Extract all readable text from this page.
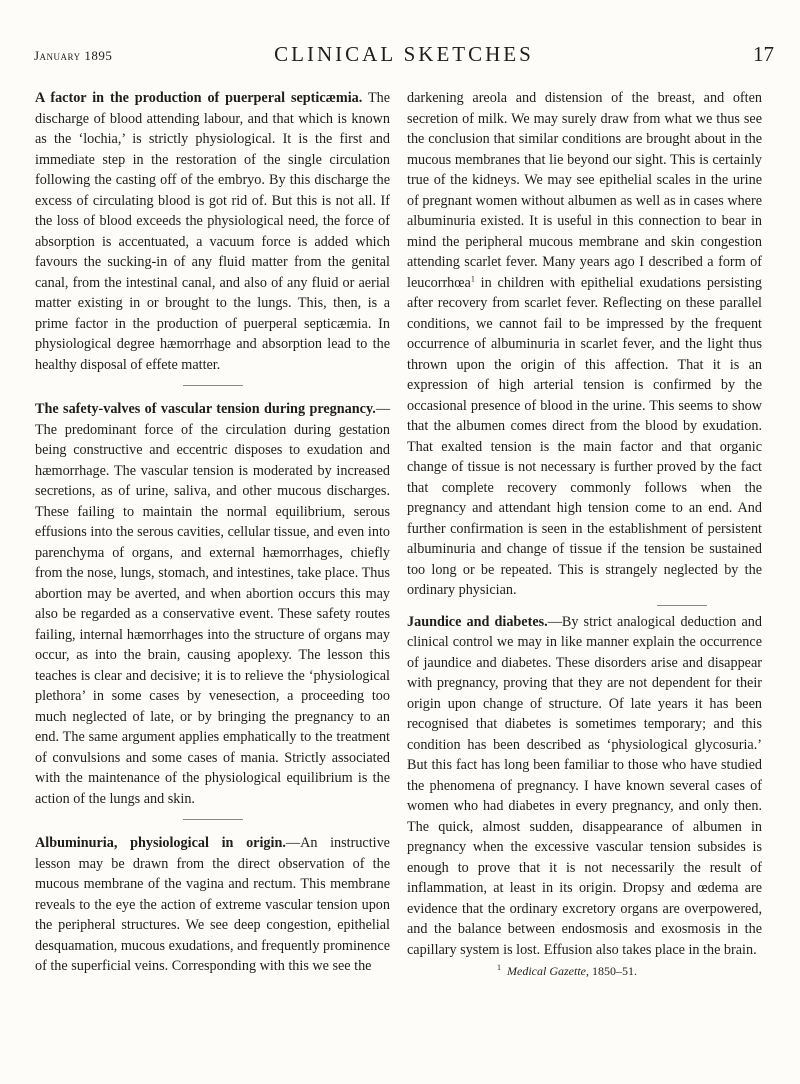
January 1895	CLINICAL SKETCHES	17

A factor in the production of puerperal septicæmia. The discharge of blood attending labour, and that which is known as the ‘lochia,’ is strictly physiological. It is the first and immediate step in the restoration of the single circulation following the casting off of the embryo. By this discharge the excess of circulating blood is got rid of. But this is not all. If the loss of blood exceeds the physiological need, the force of absorption is accentuated, a vacuum force is added which favours the sucking-in of any fluid matter from the genital canal, from the intestinal canal, and also of any fluid or aerial matter existing in or brought to the lungs. This, then, is a prime factor in the production of puerperal septicæmia. In physiological degree hæmorrhage and absorption lead to the healthy disposal of effete matter.

The safety-valves of vascular tension during pregnancy.—The predominant force of the circulation during gestation being constructive and eccentric disposes to exudation and hæmorrhage. The vascular tension is moderated by increased secretions, as of urine, saliva, and other mucous discharges. These failing to maintain the normal equilibrium, serous effusions into the serous cavities, cellular tissue, and even into parenchyma of organs, and external hæmorrhages, chiefly from the nose, lungs, stomach, and intestines, take place. Thus abortion may be averted, and when abortion occurs this may also be regarded as a conservative event. These safety routes failing, internal hæmorrhages into the structure of organs may occur, as into the brain, causing apoplexy. The lesson this teaches is clear and decisive; it is to relieve the ‘physiological plethora’ in some cases by venesection, a proceeding too much neglected of late, or by bringing the pregnancy to an end. The same argument applies emphatically to the treatment of convulsions and some cases of mania. Strictly associated with the maintenance of the physiological equilibrium is the action of the lungs and skin.

Albuminuria, physiological in origin.—An instructive lesson may be drawn from the direct observation of the mucous membrane of the vagina and rectum. This membrane reveals to the eye the action of extreme vascular tension upon the peripheral structures. We see deep congestion, epithelial desquamation, mucous exudations, and frequently prominence of the superficial veins. Corresponding with this we see the

darkening areola and distension of the breast, and often secretion of milk. We may surely draw from what we thus see the conclusion that similar conditions are brought about in the mucous membranes that lie beyond our sight. This is certainly true of the kidneys. We may see epithelial scales in the urine of pregnant women without albumen as well as in cases where albuminuria existed. It is useful in this connection to bear in mind the peripheral mucous membrane and skin congestion attending scarlet fever. Many years ago I described a form of leucorrhœa$^1$ in children with epithelial exudations persisting after recovery from scarlet fever. Reflecting on these parallel conditions, we cannot fail to be impressed by the frequent occurrence of albuminuria in scarlet fever, and the light thus thrown upon the origin of this affection. That it is an expression of high arterial tension is confirmed by the occasional presence of blood in the urine. This seems to show that the albumen comes direct from the blood by exudation. That exalted tension is the main factor and that organic change of tissue is not necessary is further proved by the fact that complete recovery commonly follows when the pregnancy and attendant high tension come to an end. And further confirmation is seen in the establishment of persistent albuminuria and change of tissue if the tension be sustained too long or be repeated. This is strangely neglected by the ordinary physician.

Jaundice and diabetes.—By strict analogical deduction and clinical control we may in like manner explain the occurrence of jaundice and diabetes. These disorders arise and disappear with pregnancy, proving that they are not dependent for their origin upon change of structure. Of late years it has been recognised that diabetes is sometimes temporary; and this condition has been described as ‘physiological glycosuria.’ But this fact has long been familiar to those who have studied the phenomena of pregnancy. I have known several cases of women who had diabetes in every pregnancy, and only then. The quick, almost sudden, disappearance of albumen in pregnancy when the excessive vascular tension subsides is enough to prove that it is not necessarily the result of inflammation, at least in its origin. Dropsy and œdema are evidence that the ordinary excretory organs are overpowered, and the balance between endosmosis and exosmosis in the capillary system is lost. Effusion also takes place in the brain.

$^1$ Medical Gazette, 1850–51.
